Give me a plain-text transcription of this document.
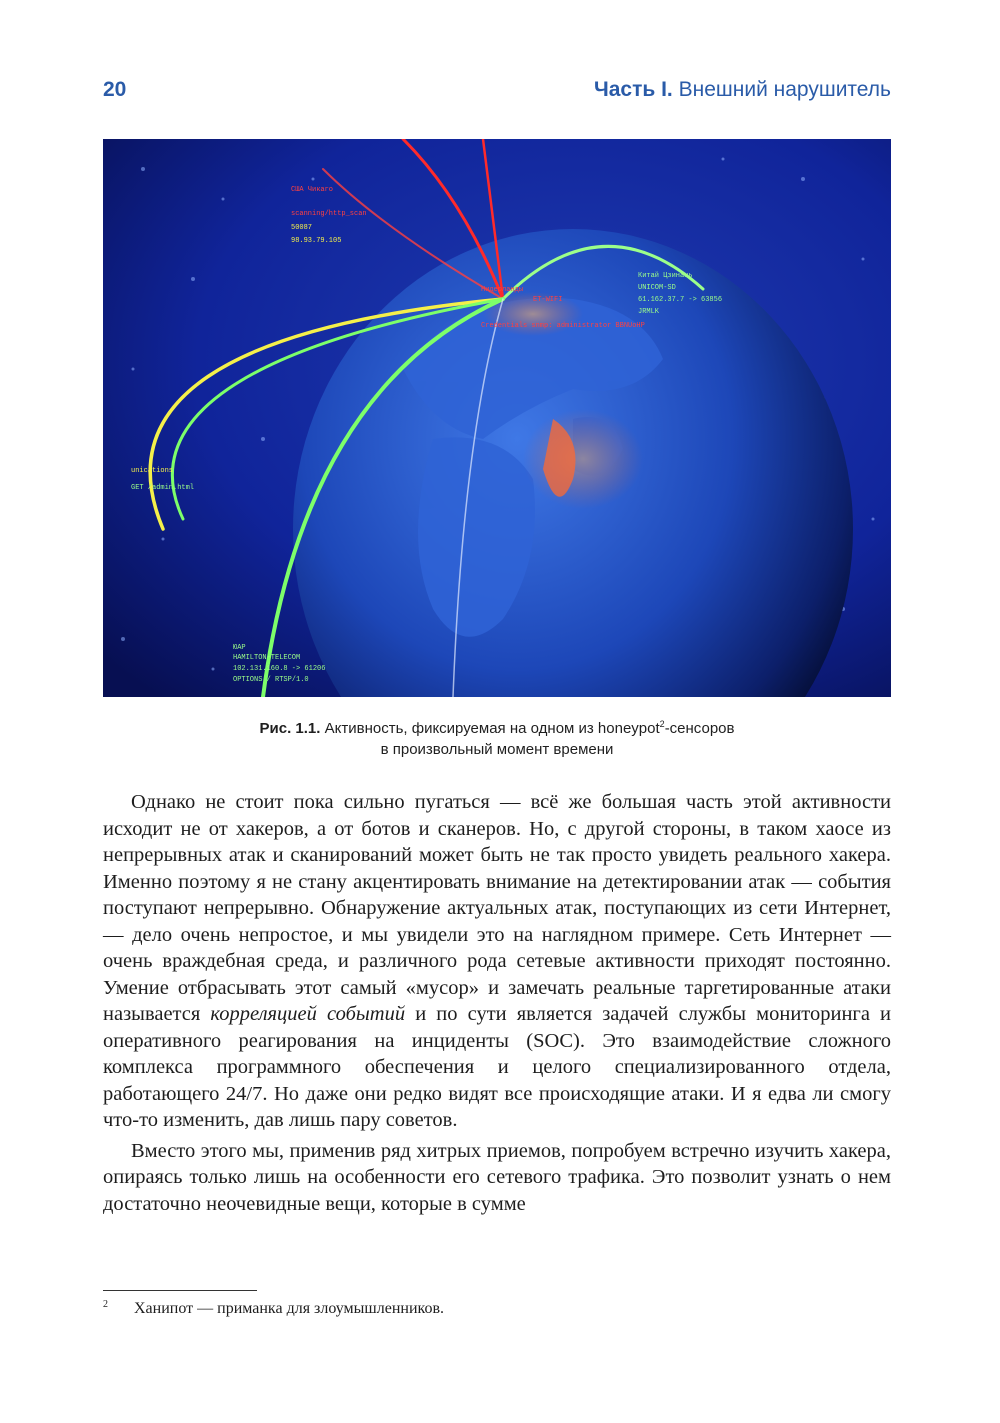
20	Часть I. Внешний нарушитель
США Чикаго
scanning/http_scan
50087
98.93.79.105
Нидерланды
ET-WIFI
Credentials snmp: administrator BBNUoHP
Китай Цзинань
UNICOM-SD
61.162.37.7 -> 63856
JRMLK
unications
GET /admin.html
ЮАР
HAMILTON-TELECOM
102.131.160.8 -> 61206
OPTIONS / RTSP/1.0
Рис. 1.1. Активность, фиксируемая на одном из honeypot$^2$-сенсоров
в произвольный момент времени

Однако не стоит пока сильно пугаться — всё же большая часть этой активности исходит не от хакеров, а от ботов и сканеров. Но, с другой стороны, в таком хаосе из непрерывных атак и сканирований может быть не так просто увидеть реального хакера. Именно поэтому я не стану акцентировать внимание на детектировании атак — события поступают непрерывно. Обнаружение актуальных атак, поступающих из сети Интернет, — дело очень непростое, и мы увидели это на наглядном примере. Сеть Интернет — очень враждебная среда, и различного рода сетевые активности приходят постоянно. Умение отбрасывать этот самый «мусор» и замечать реальные таргетированные атаки называется корреляцией событий и по сути является задачей службы мониторинга и оперативного реагирования на инциденты (SOC). Это взаимодействие сложного комплекса программного обеспечения и целого специализированного отдела, работающего 24/7. Но даже они редко видят все происходящие атаки. И я едва ли смогу что-то изменить, дав лишь пару советов.

Вместо этого мы, применив ряд хитрых приемов, попробуем встречно изучить хакера, опираясь только лишь на особенности его сетевого трафика. Это позволит узнать о нем достаточно неочевидные вещи, которые в сумме

2	Ханипот — приманка для злоумышленников.
